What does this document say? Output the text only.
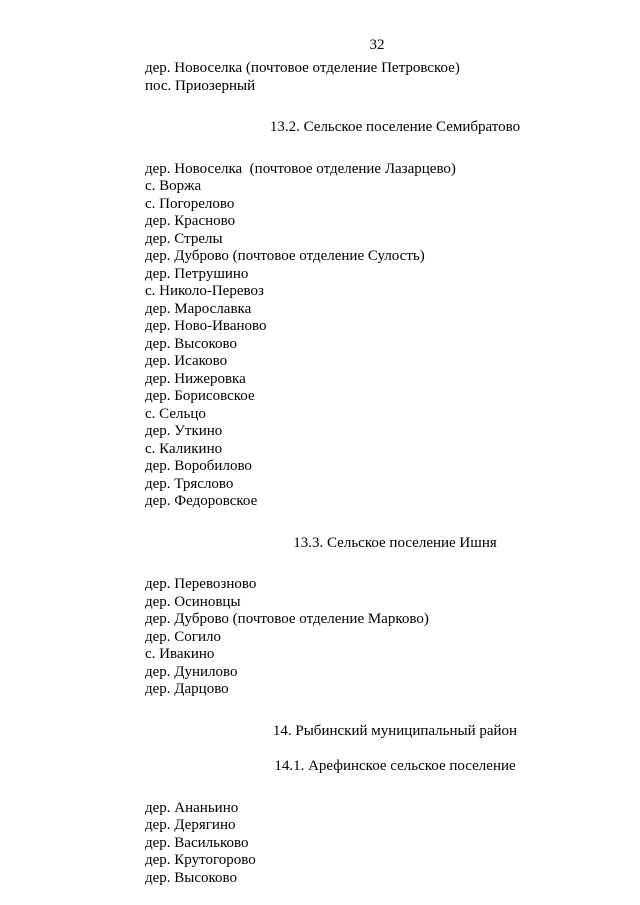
32
дер. Новоселка (почтовое отделение Петровское)
пос. Приозерный
13.2. Сельское поселение Семибратово
дер. Новоселка  (почтовое отделение Лазарцево)
с. Воржа
с. Погорелово
дер. Красново
дер. Стрелы
дер. Дуброво (почтовое отделение Сулость)
дер. Петрушино
с. Николо-Перевоз
дер. Марославка
дер. Ново-Иваново
дер. Высоково
дер. Исаково
дер. Нижеровка
дер. Борисовское
с. Сельцо
дер. Уткино
с. Каликино
дер. Воробилово
дер. Тряслово
дер. Федоровское
13.3. Сельское поселение Ишня
дер. Перевозново
дер. Осиновцы
дер. Дуброво (почтовое отделение Марково)
дер. Согило
с. Ивакино
дер. Дунилово
дер. Дарцово
14. Рыбинский муниципальный район
14.1. Арефинское сельское поселение
дер. Ананьино
дер. Дерягино
дер. Васильково
дер. Крутогорово
дер. Высоково
